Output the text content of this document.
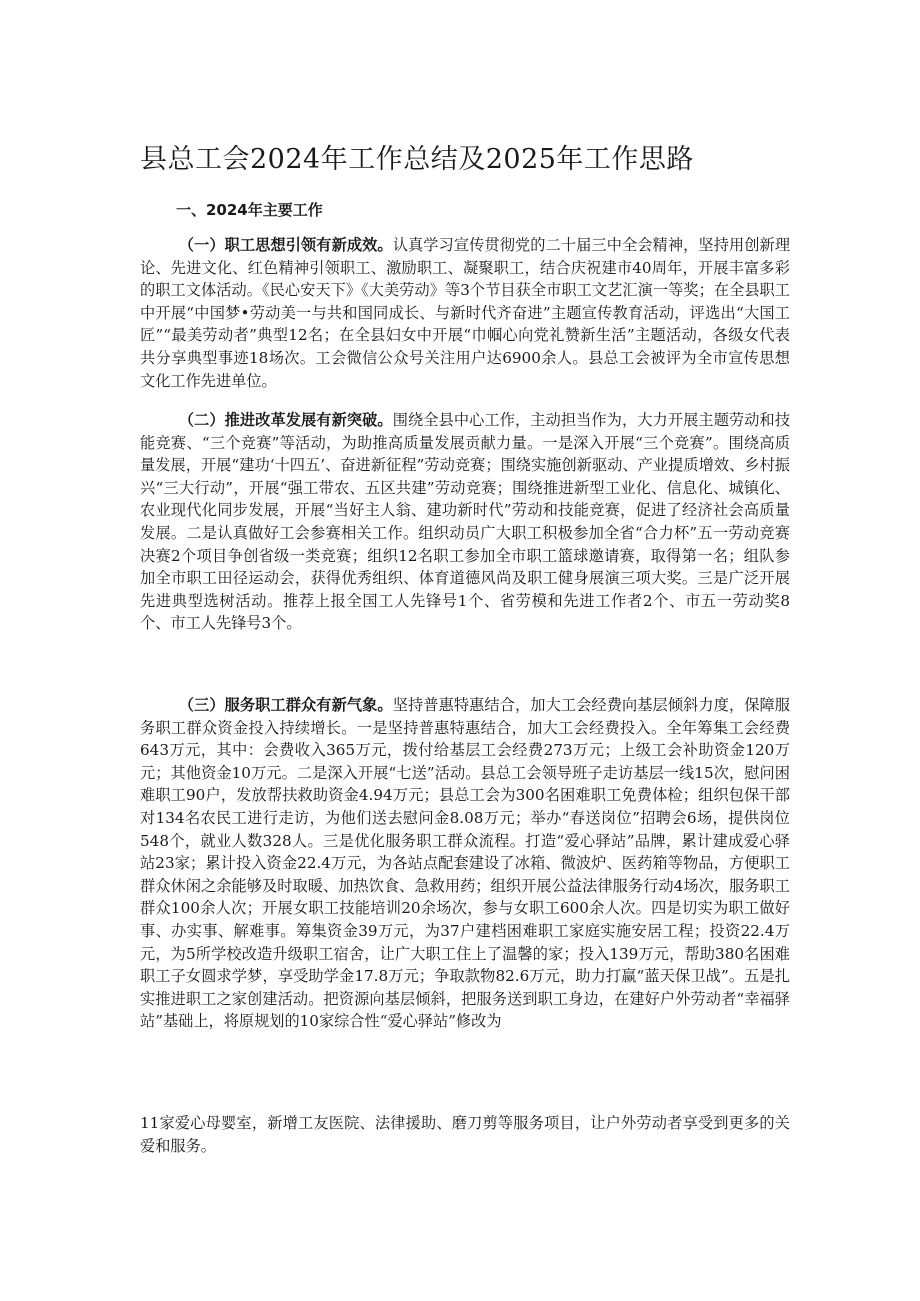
县总工会2024年工作总结及2025年工作思路
一、2024年主要工作

（一）职工思想引领有新成效。认真学习宣传贯彻党的二十届三中全会精神，坚持用创新理论、先进文化、红色精神引领职工、激励职工、凝聚职工，结合庆祝建市40周年，开展丰富多彩的职工文体活动。《民心安天下》《大美劳动》等3个节目获全市职工文艺汇演一等奖；在全县职工中开展“中国梦•劳动美一与共和国同成长、与新时代齐奋进”主题宣传教育活动，评选出“大国工匠”“最美劳动者”典型12名；在全县妇女中开展“巾帼心向党礼赞新生活”主题活动，各级女代表共分享典型事迹18场次。工会微信公众号关注用户达6900余人。县总工会被评为全市宣传思想文化工作先进单位。

（二）推进改革发展有新突破。围绕全县中心工作，主动担当作为，大力开展主题劳动和技能竞赛、“三个竞赛”等活动，为助推高质量发展贡献力量。一是深入开展“三个竞赛”。围绕高质量发展，开展“建功‘十四五’、奋进新征程”劳动竞赛；围绕实施创新驱动、产业提质增效、乡村振兴“三大行动”，开展“强工带农、五区共建”劳动竞赛；围绕推进新型工业化、信息化、城镇化、农业现代化同步发展，开展“当好主人翁、建功新时代”劳动和技能竞赛，促进了经济社会高质量发展。二是认真做好工会参赛相关工作。组织动员广大职工积极参加全省“合力杯”五一劳动竞赛决赛2个项目争创省级一类竞赛；组织12名职工参加全市职工篮球邀请赛，取得第一名；组队参加全市职工田径运动会，获得优秀组织、体育道德风尚及职工健身展演三项大奖。三是广泛开展先进典型选树活动。推荐上报全国工人先锋号1个、省劳模和先进工作者2个、市五一劳动奖8个、市工人先锋号3个。

（三）服务职工群众有新气象。坚持普惠特惠结合，加大工会经费向基层倾斜力度，保障服务职工群众资金投入持续增长。一是坚持普惠特惠结合，加大工会经费投入。全年筹集工会经费643万元，其中：会费收入365万元，拨付给基层工会经费273万元；上级工会补助资金120万元；其他资金10万元。二是深入开展“七送”活动。县总工会领导班子走访基层一线15次，慰问困难职工90户，发放帮扶救助资金4.94万元；县总工会为300名困难职工免费体检；组织包保干部对134名农民工进行走访，为他们送去慰问金8.08万元；举办“春送岗位”招聘会6场，提供岗位548个，就业人数328人。三是优化服务职工群众流程。打造“爱心驿站”品牌，累计建成爱心驿站23家；累计投入资金22.4万元，为各站点配套建设了冰箱、微波炉、医药箱等物品，方便职工群众休闲之余能够及时取暖、加热饮食、急救用药；组织开展公益法律服务行动4场次，服务职工群众100余人次；开展女职工技能培训20余场次，参与女职工600余人次。四是切实为职工做好事、办实事、解难事。筹集资金39万元，为37户建档困难职工家庭实施安居工程；投资22.4万元，为5所学校改造升级职工宿舍，让广大职工住上了温馨的家；投入139万元，帮助380名困难职工子女圆求学梦，享受助学金17.8万元；争取款物82.6万元，助力打赢“蓝天保卫战”。五是扎实推进职工之家创建活动。把资源向基层倾斜，把服务送到职工身边，在建好户外劳动者“幸福驿站”基础上，将原规划的10家综合性“爱心驿站”修改为

11家爱心母婴室，新增工友医院、法律援助、磨刀剪等服务项目，让户外劳动者享受到更多的关爱和服务。
